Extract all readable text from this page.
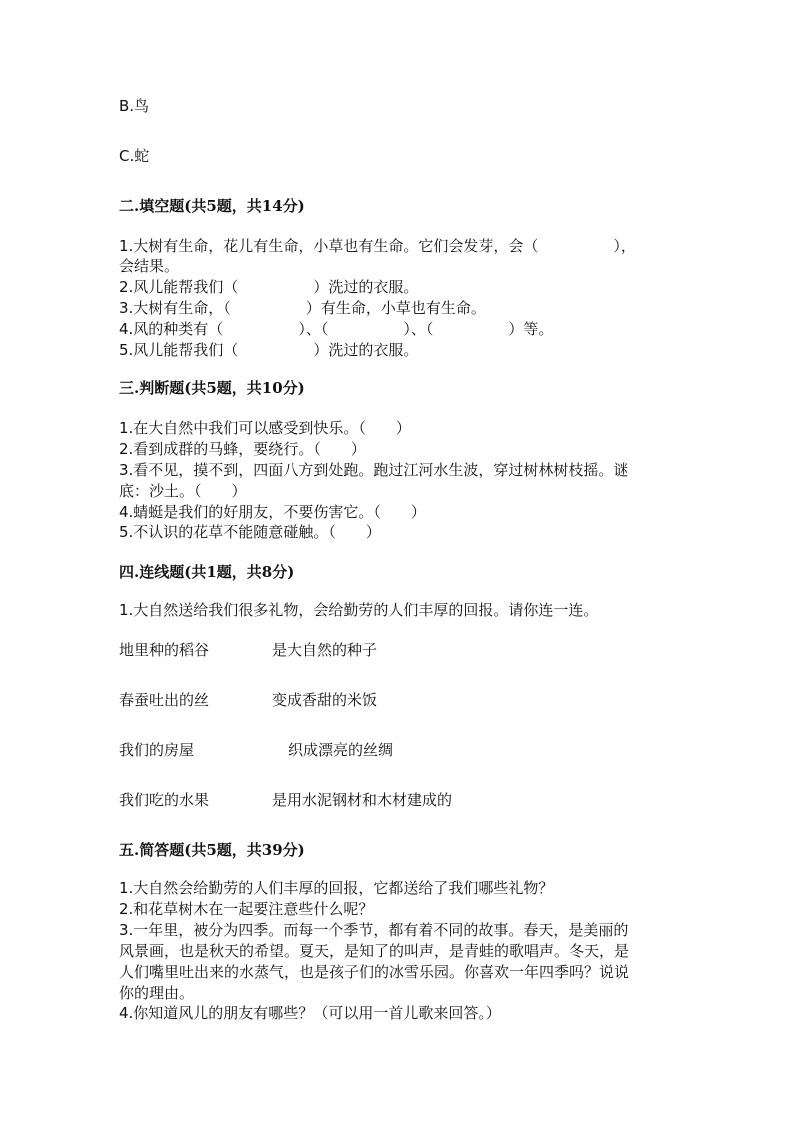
B.鸟
C.蛇
二.填空题(共5题，共14分)
1.大树有生命，花儿有生命，小草也有生命。它们会发芽，会（　　　　　），
会结果。
2.风儿能帮我们（　　　　　）洗过的衣服。
3.大树有生命，（　　　　　）有生命，小草也有生命。
4.风的种类有（　　　　　）、（　　　　　）、（　　　　　）等。
5.风儿能帮我们（　　　　　）洗过的衣服。
三.判断题(共5题，共10分)
1.在大自然中我们可以感受到快乐。（　　）
2.看到成群的马蜂，要绕行。（　　）
3.看不见，摸不到，四面八方到处跑。跑过江河水生波，穿过树林树枝摇。谜
底：沙土。（　　）
4.蜻蜓是我们的好朋友，不要伤害它。（　　）
5.不认识的花草不能随意碰触。（　　）
四.连线题(共1题，共8分)
1.大自然送给我们很多礼物，会给勤劳的人们丰厚的回报。请你连一连。
地里种的稻谷	是大自然的种子
春蚕吐出的丝	变成香甜的米饭
我们的房屋	织成漂亮的丝绸
我们吃的水果	是用水泥钢材和木材建成的
五.简答题(共5题，共39分)
1.大自然会给勤劳的人们丰厚的回报，它都送给了我们哪些礼物？
2.和花草树木在一起要注意些什么呢？
3.一年里，被分为四季。而每一个季节，都有着不同的故事。春天，是美丽的
风景画，也是秋天的希望。夏天，是知了的叫声，是青蛙的歌唱声。冬天，是
人们嘴里吐出来的水蒸气，也是孩子们的冰雪乐园。你喜欢一年四季吗？说说
你的理由。
4.你知道风儿的朋友有哪些？（可以用一首儿歌来回答。）
